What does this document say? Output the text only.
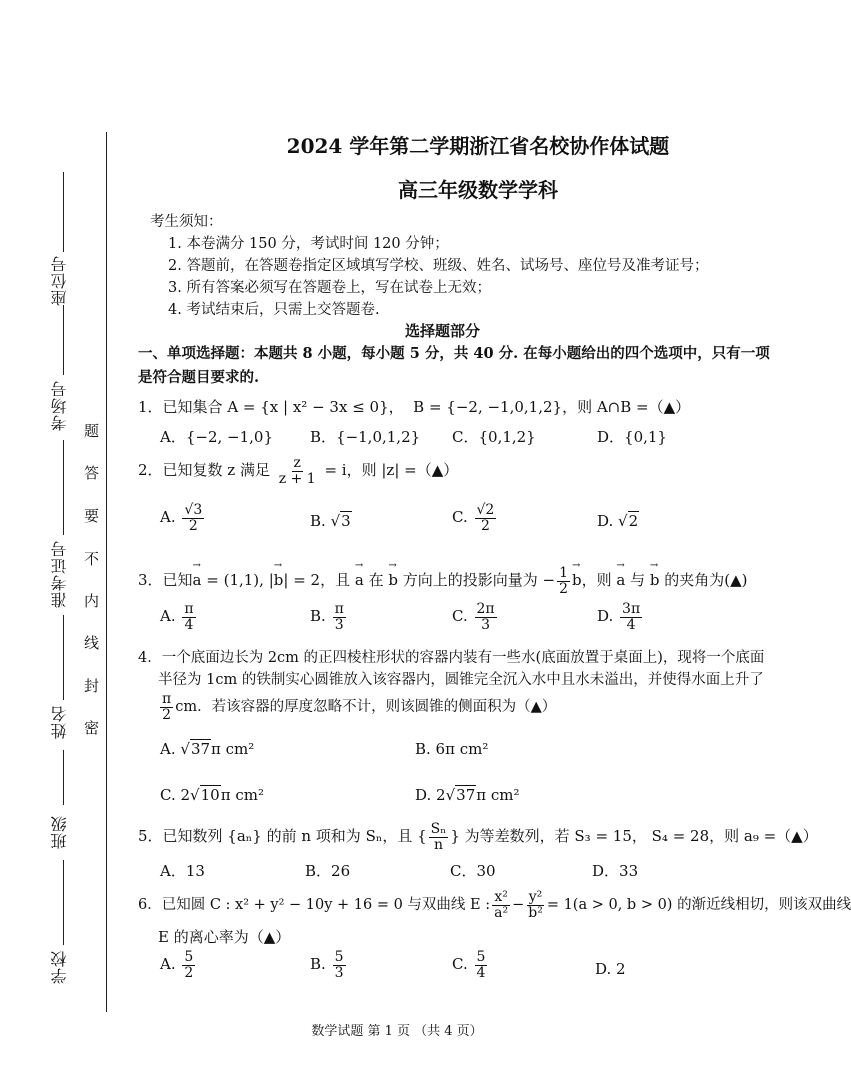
座位号
考场号
准考证号
姓名
班级
学校
题
答
要
不
内
线
封
密
2024 学年第二学期浙江省名校协作体试题
高三年级数学学科
考生须知：
1. 本卷满分 150 分，考试时间 120 分钟；
2. 答题前，在答题卷指定区域填写学校、班级、姓名、试场号、座位号及准考证号；
3. 所有答案必须写在答题卷上，写在试卷上无效；
4. 考试结束后，只需上交答题卷.
选择题部分
一、单项选择题：本题共 8 小题，每小题 5 分，共 40 分. 在每小题给出的四个选项中，只有一项
是符合题目要求的.
1．已知集合 A = {x | x² − 3x ≤ 0}， B = {−2, −1,0,1,2}，则 A∩B =（▲）
A．{−2, −1,0} B．{−1,0,1,2} C．{0,1,2}	D．{0,1}
2．已知复数 z 满足 $\frac{z}{z + 1} = i$，则 |z| =（▲）
A. $\frac{√3}{2}$	B. √3	C. $\frac{√2}{2}$	D. √2
3．已知→ a = (1,1), |→ b| = 2，且 → a 在 → b 方向上的投影向量为 − $\frac{1}{2}$
→ b，则 → a 与 → b 的夹角为(▲)
A. $\frac{\pi}{4}$	B. $\frac{\pi}{3}$	C. $\frac{2\pi}{3}$	D. $\frac{3\pi}{4}$
4．一个底面边长为 2cm 的正四棱柱形状的容器内装有一些水(底面放置于桌面上)，现将一个底面
半径为 1cm 的铁制实心圆锥放入该容器内，圆锥完全沉入水中且水未溢出，并使得水面上升了
$\frac{\pi}{2}$ cm．若该容器的厚度忽略不计，则该圆锥的侧面积为（▲）
A. √37π cm²	B. 6π cm²
C. 2√10π cm²	D. 2√37π cm²
5．已知数列 {aₙ} 的前 n 项和为 Sₙ，且 { $\frac{\text{Sₙ}}{n}$ } 为等差数列，若 S₃ = 15， S₄ = 28，则 a₉ =（▲）
A．13	B．26	C．30	D．33
6．已知圆 C : x² + y² − 10y + 16 = 0 与双曲线 E : $\frac{\text{x²}}{\text{a²}} - \frac{\text{y²}}{\text{b²}} = 1(a > 0$, b > 0) 的渐近线相切，则该双曲线
E 的离心率为（▲）
A. $\frac{5}{2}$	B. $\frac{5}{3}$	C. $\frac{5}{4}$	D. 2
数学试题 第 1 页 （共 4 页）
